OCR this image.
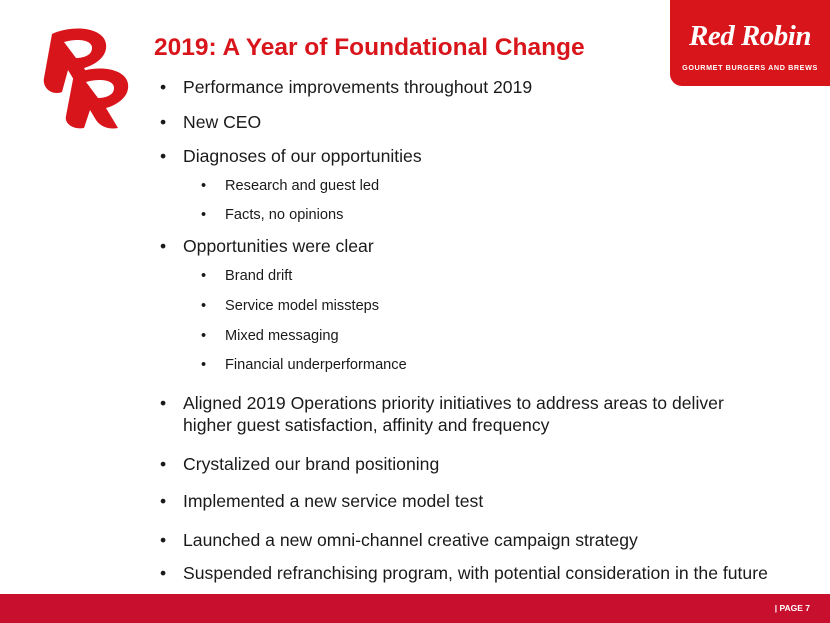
2019: A Year of Foundational Change	Red Robin
GOURMET BURGERS AND BREWS
• Performance improvements throughout 2019
• New CEO
• Diagnoses of our opportunities
• Research and guest led
• Facts, no opinions
• Opportunities were clear
• Brand drift
• Service model missteps
• Mixed messaging
• Financial underperformance
• Aligned 2019 Operations priority initiatives to address areas to deliver higher guest satisfaction, affinity and frequency
• Crystalized our brand positioning
• Implemented a new service model test
• Launched a new omni-channel creative campaign strategy
• Suspended refranchising program, with potential consideration in the future
| PAGE 7
